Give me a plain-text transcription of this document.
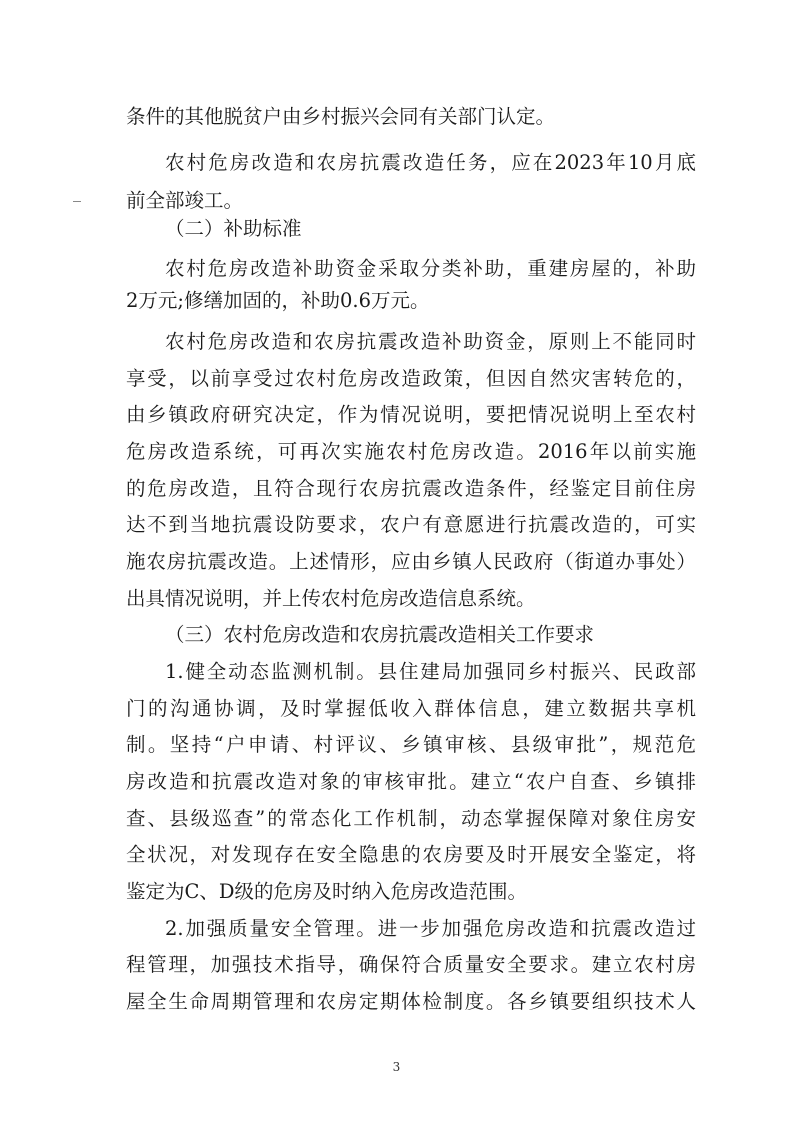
条件的其他脱贫户由乡村振兴会同有关部门认定。
农村危房改造和农房抗震改造任务，应在2023年10月底
前全部竣工。
（二）补助标准
农村危房改造补助资金采取分类补助，重建房屋的，补助
2万元;修缮加固的，补助0.6万元。
农村危房改造和农房抗震改造补助资金，原则上不能同时
享受，以前享受过农村危房改造政策，但因自然灾害转危的，
由乡镇政府研究决定，作为情况说明，要把情况说明上至农村
危房改造系统，可再次实施农村危房改造。2016年以前实施
的危房改造，且符合现行农房抗震改造条件，经鉴定目前住房
达不到当地抗震设防要求，农户有意愿进行抗震改造的，可实
施农房抗震改造。上述情形，应由乡镇人民政府（街道办事处）
出具情况说明，并上传农村危房改造信息系统。
（三）农村危房改造和农房抗震改造相关工作要求
1.健全动态监测机制。县住建局加强同乡村振兴、民政部
门的沟通协调，及时掌握低收入群体信息，建立数据共享机
制。坚持“户申请、村评议、乡镇审核、县级审批”，规范危
房改造和抗震改造对象的审核审批。建立“农户自查、乡镇排
查、县级巡查”的常态化工作机制，动态掌握保障对象住房安
全状况，对发现存在安全隐患的农房要及时开展安全鉴定，将
鉴定为C、D级的危房及时纳入危房改造范围。
2.加强质量安全管理。进一步加强危房改造和抗震改造过
程管理，加强技术指导，确保符合质量安全要求。建立农村房
屋全生命周期管理和农房定期体检制度。各乡镇要组织技术人
3
